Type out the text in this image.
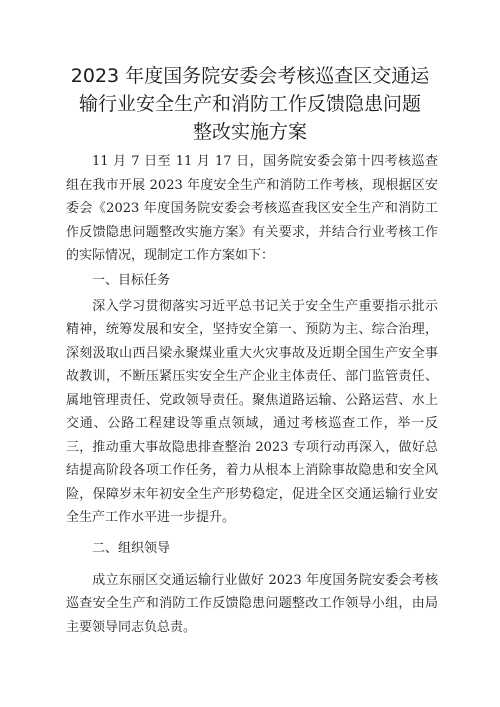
2023 年度国务院安委会考核巡查区交通运
输行业安全生产和消防工作反馈隐患问题
整改实施方案

11 月 7 日至 11 月 17 日，国务院安委会第十四考核巡查组在我市开展 2023 年度安全生产和消防工作考核，现根据区安委会《2023 年度国务院安委会考核巡查我区安全生产和消防工作反馈隐患问题整改实施方案》有关要求，并结合行业考核工作的实际情况，现制定工作方案如下：

一、目标任务

深入学习贯彻落实习近平总书记关于安全生产重要指示批示精神，统筹发展和安全，坚持安全第一、预防为主、综合治理，深刻汲取山西吕梁永聚煤业重大火灾事故及近期全国生产安全事故教训，不断压紧压实安全生产企业主体责任、部门监管责任、属地管理责任、党政领导责任。聚焦道路运输、公路运营、水上交通、公路工程建设等重点领域，通过考核巡查工作，举一反三，推动重大事故隐患排查整治 2023 专项行动再深入，做好总结提高阶段各项工作任务，着力从根本上消除事故隐患和安全风险，保障岁末年初安全生产形势稳定，促进全区交通运输行业安全生产工作水平进一步提升。

二、组织领导

成立东丽区交通运输行业做好 2023 年度国务院安委会考核巡查安全生产和消防工作反馈隐患问题整改工作领导小组，由局主要领导同志负总责。
